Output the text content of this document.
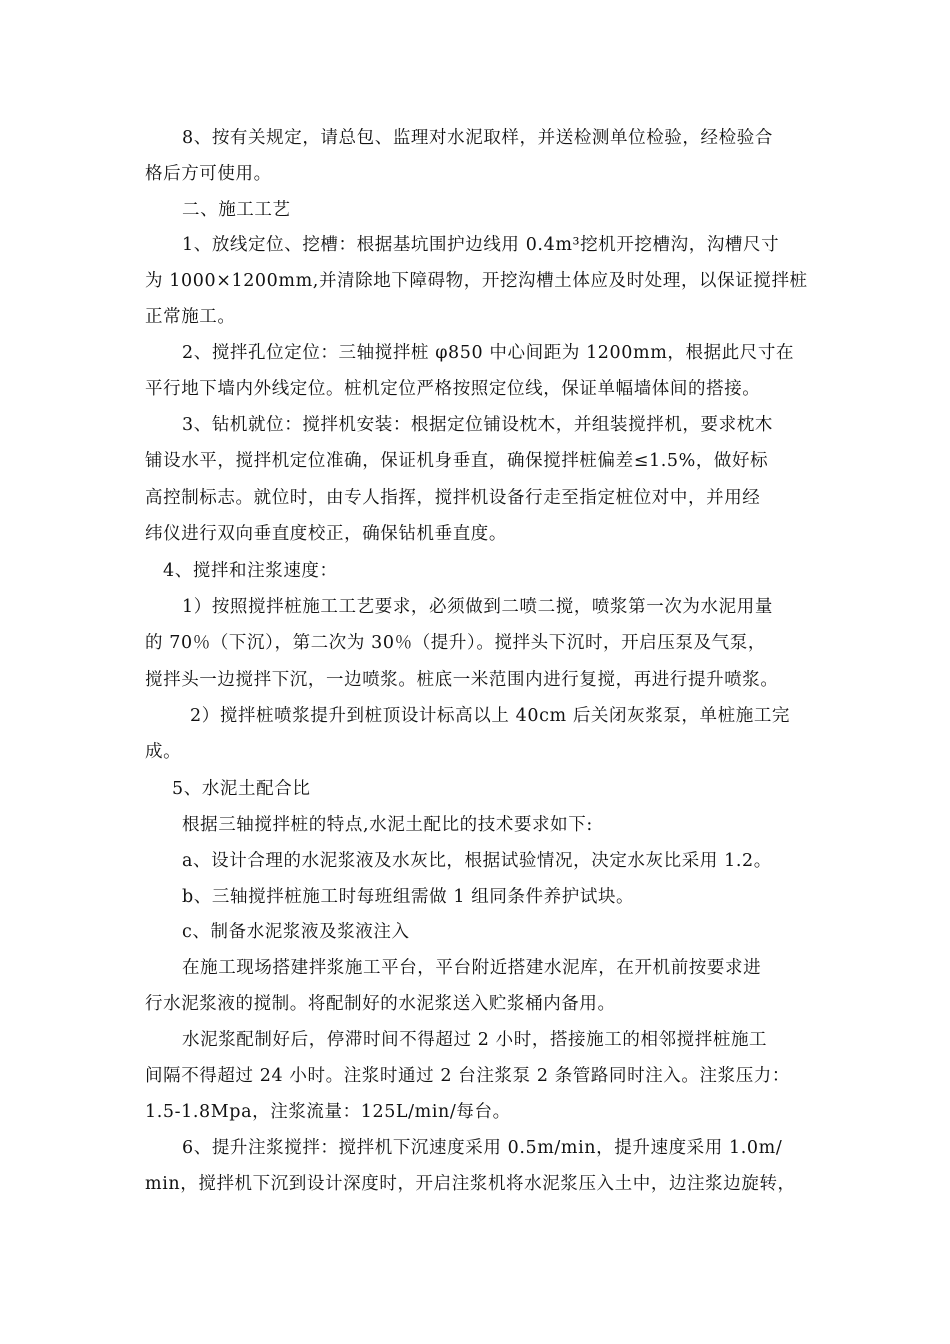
8、按有关规定，请总包、监理对水泥取样，并送检测单位检验，经检验合
格后方可使用。
二、施工工艺
1、放线定位、挖槽：根据基坑围护边线用 0.4m³挖机开挖槽沟，沟槽尺寸
为 1000×1200mm,并清除地下障碍物，开挖沟槽土体应及时处理，以保证搅拌桩
正常施工。
2、搅拌孔位定位：三轴搅拌桩 φ850 中心间距为 1200mm，根据此尺寸在
平行地下墙内外线定位。桩机定位严格按照定位线，保证单幅墙体间的搭接。
3、钻机就位：搅拌机安装：根据定位铺设枕木，并组装搅拌机，要求枕木
铺设水平，搅拌机定位准确，保证机身垂直，确保搅拌桩偏差≤1.5%，做好标
高控制标志。就位时，由专人指挥，搅拌机设备行走至指定桩位对中，并用经
纬仪进行双向垂直度校正，确保钻机垂直度。
4、搅拌和注浆速度：
1）按照搅拌桩施工工艺要求，必须做到二喷二搅，喷浆第一次为水泥用量
的 70％（下沉），第二次为 30％（提升）。搅拌头下沉时，开启压泵及气泵，
搅拌头一边搅拌下沉，一边喷浆。桩底一米范围内进行复搅，再进行提升喷浆。
2）搅拌桩喷浆提升到桩顶设计标高以上 40cm 后关闭灰浆泵，单桩施工完
成。
5、水泥土配合比
根据三轴搅拌桩的特点,水泥土配比的技术要求如下:
a、设计合理的水泥浆液及水灰比，根据试验情况，决定水灰比采用 1.2。
b、三轴搅拌桩施工时每班组需做 1 组同条件养护试块。
c、制备水泥浆液及浆液注入
在施工现场搭建拌浆施工平台，平台附近搭建水泥库，在开机前按要求进
行水泥浆液的搅制。将配制好的水泥浆送入贮浆桶内备用。
水泥浆配制好后，停滞时间不得超过 2 小时，搭接施工的相邻搅拌桩施工
间隔不得超过 24 小时。注浆时通过 2 台注浆泵 2 条管路同时注入。注浆压力：
1.5-1.8Mpa，注浆流量：125L/min/每台。
6、提升注浆搅拌：搅拌机下沉速度采用 0.5m/min，提升速度采用 1.0m/
min，搅拌机下沉到设计深度时，开启注浆机将水泥浆压入土中，边注浆边旋转，
